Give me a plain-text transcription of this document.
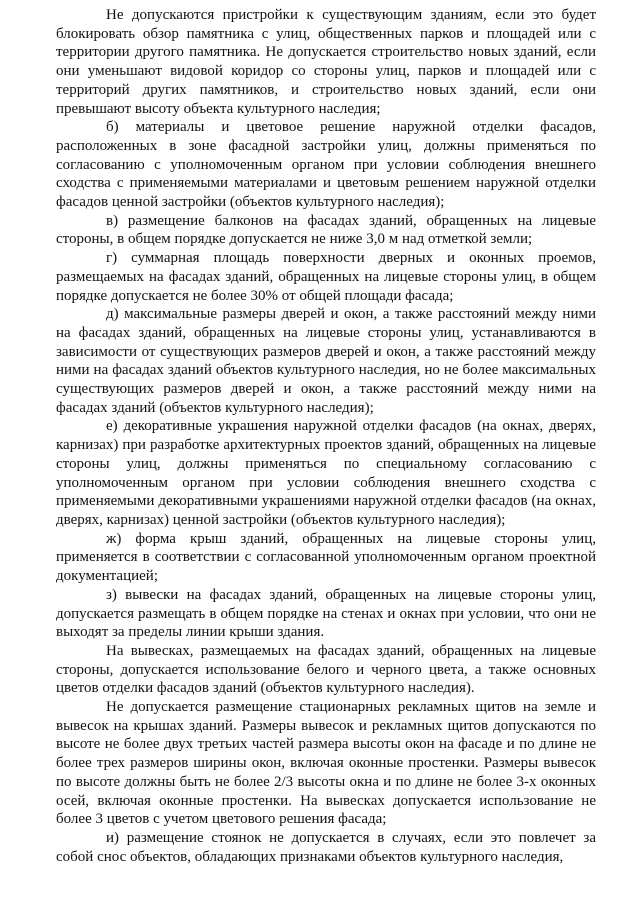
Не допускаются пристройки к существующим зданиям, если это будет блокировать обзор памятника с улиц, общественных парков и площадей или с территории другого памятника. Не допускается строительство новых зданий, если они уменьшают видовой коридор со стороны улиц, парков и площадей или с территорий других памятников, и строительство новых зданий, если они превышают высоту объекта культурного наследия;

б) материалы и цветовое решение наружной отделки фасадов, расположенных в зоне фасадной застройки улиц, должны применяться по согласованию с уполномоченным органом при условии соблюдения внешнего сходства с применяемыми материалами и цветовым решением наружной отделки фасадов ценной застройки (объектов культурного наследия);

в) размещение балконов на фасадах зданий, обращенных на лицевые стороны, в общем порядке допускается не ниже 3,0 м над отметкой земли;

г) суммарная площадь поверхности дверных и оконных проемов, размещаемых на фасадах зданий, обращенных на лицевые стороны улиц, в общем порядке допускается не более 30% от общей площади фасада;

д) максимальные размеры дверей и окон, а также расстояний между ними на фасадах зданий, обращенных на лицевые стороны улиц, устанавливаются в зависимости от существующих размеров дверей и окон, а также расстояний между ними на фасадах зданий объектов культурного наследия, но не более максимальных существующих размеров дверей и окон, а также расстояний между ними на фасадах зданий (объектов культурного наследия);

е) декоративные украшения наружной отделки фасадов (на окнах, дверях, карнизах) при разработке архитектурных проектов зданий, обращенных на лицевые стороны улиц, должны применяться по специальному согласованию с уполномоченным органом при условии соблюдения внешнего сходства с применяемыми декоративными украшениями наружной отделки фасадов (на окнах, дверях, карнизах) ценной застройки (объектов культурного наследия);

ж) форма крыш зданий, обращенных на лицевые стороны улиц, применяется в соответствии с согласованной уполномоченным органом проектной документацией;

з) вывески на фасадах зданий, обращенных на лицевые стороны улиц, допускается размещать в общем порядке на стенах и окнах при условии, что они не выходят за пределы линии крыши здания.

На вывесках, размещаемых на фасадах зданий, обращенных на лицевые стороны, допускается использование белого и черного цвета, а также основных цветов отделки фасадов зданий (объектов культурного наследия).

Не допускается размещение стационарных рекламных щитов на земле и вывесок на крышах зданий. Размеры вывесок и рекламных щитов допускаются по высоте не более двух третьих частей размера высоты окон на фасаде и по длине не более трех размеров ширины окон, включая оконные простенки. Размеры вывесок по высоте должны быть не более 2/3 высоты окна и по длине не более 3-х оконных осей, включая оконные простенки. На вывесках допускается использование не более 3 цветов с учетом цветового решения фасада;

и) размещение стоянок не допускается в случаях, если это повлечет за собой снос объектов, обладающих признаками объектов культурного наследия,
